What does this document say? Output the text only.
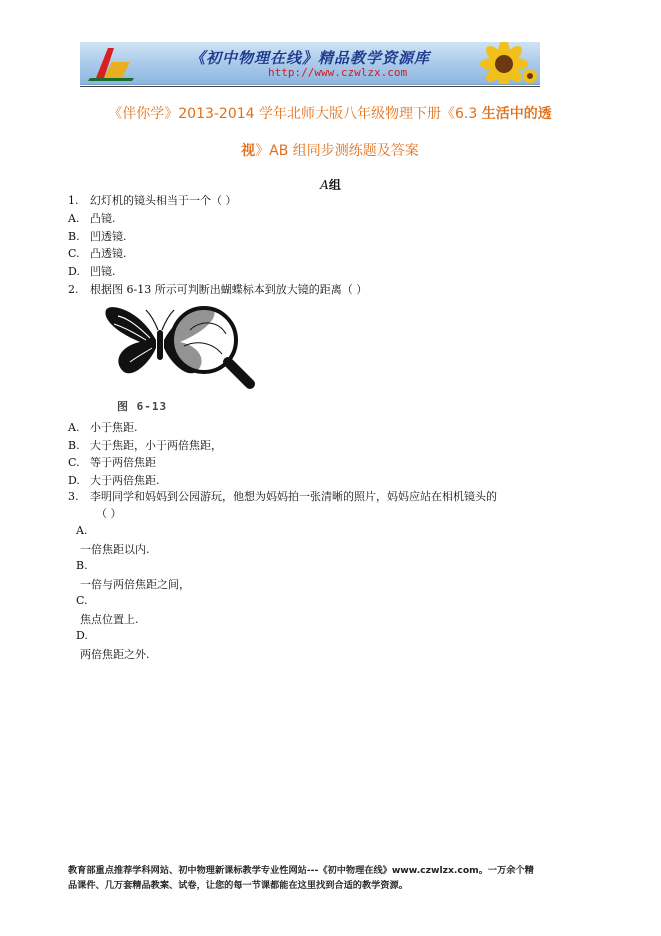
《初中物理在线》精品教学资源库
http://www.czwlzx.com
《伴你学》2013-2014 学年北师大版八年级物理下册《6.3 生活中的透
视》AB 组同步测练题及答案
A组
1. 幻灯机的镜头相当于一个（ ）
A. 凸镜.
B. 凹透镜.
C. 凸透镜.
D. 凹镜.
2. 根据图 6-13 所示可判断出蝴蝶标本到放大镜的距离（ ）
图 6-13
A. 小于焦距.
B. 大于焦距，小于两倍焦距，
C. 等于两倍焦距
D. 大于两倍焦距.
3. 李明同学和妈妈到公园游玩，他想为妈妈拍一张清晰的照片，妈妈应站在相机镜头的
（ ）
A.
一倍焦距以内.
B.
一倍与两倍焦距之间，
C.
焦点位置上.
D.
两倍焦距之外.
教育部重点推荐学科网站、初中物理新课标教学专业性网站---《初中物理在线》www.czwlzx.com。一万余个精
品课件、几万套精品教案、试卷，让您的每一节课都能在这里找到合适的教学资源。
